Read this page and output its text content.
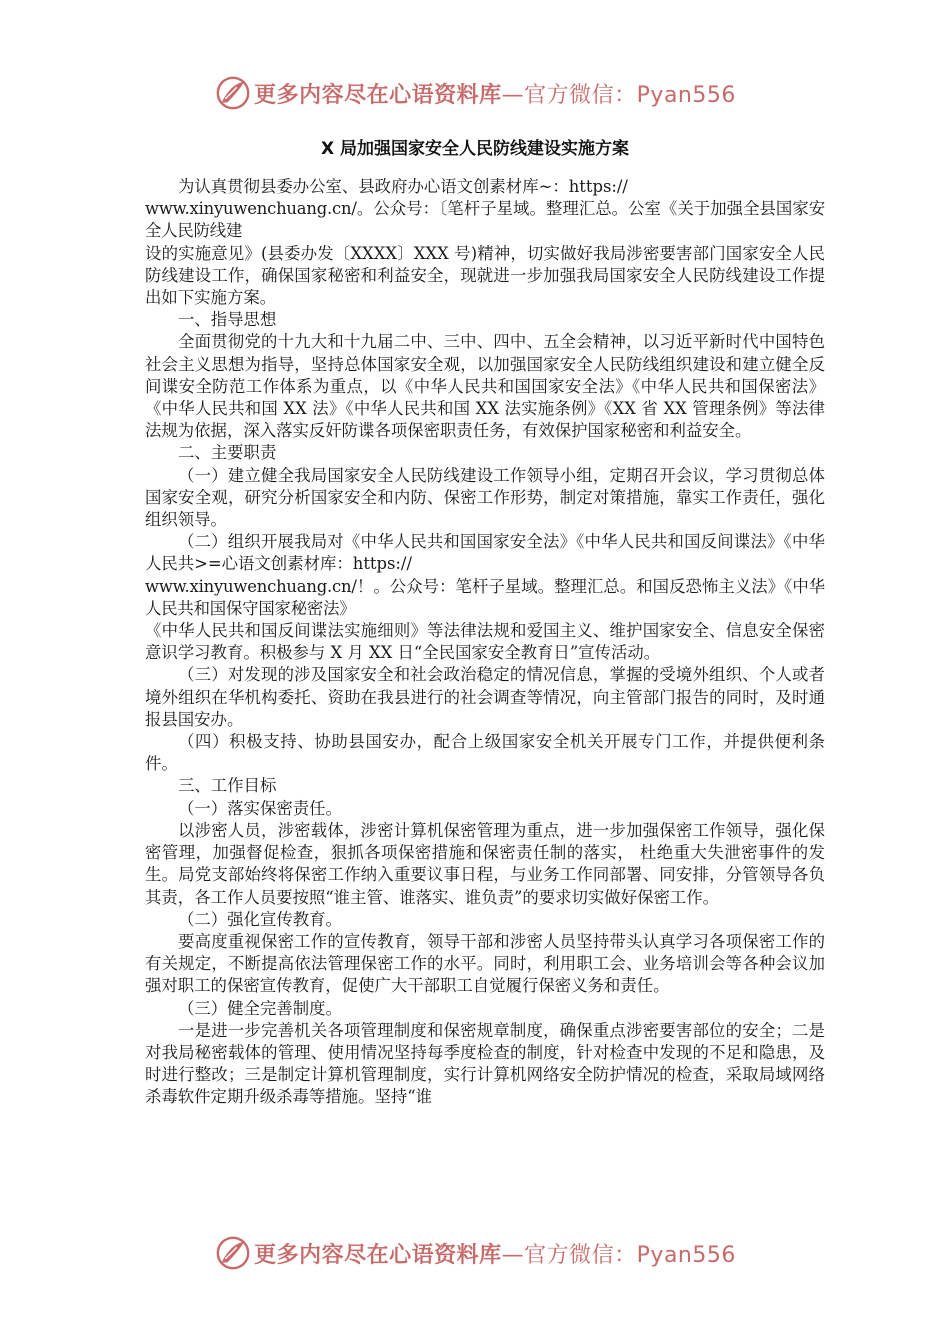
更多内容尽在心语资料库—官方微信：Pyan556
X 局加强国家安全人民防线建设实施方案

为认真贯彻县委办公室、县政府办心语文创素材库~：https://

www.xinyuwenchuang.cn/。公众号：〔笔杆子星域。整理汇总。公室《关于加强全县国家安全人民防线建

设的实施意见》(县委办发〔XXXX〕XXX 号)精神，切实做好我局涉密要害部门国家安全人民防线建设工作，确保国家秘密和利益安全，现就进一步加强我局国家安全人民防线建设工作提出如下实施方案。

一、指导思想

全面贯彻党的十九大和十九届二中、三中、四中、五全会精神，以习近平新时代中国特色社会主义思想为指导，坚持总体国家安全观，以加强国家安全人民防线组织建设和建立健全反间谍安全防范工作体系为重点，以《中华人民共和国国家安全法》《中华人民共和国保密法》《中华人民共和国 XX 法》《中华人民共和国 XX 法实施条例》《XX 省 XX 管理条例》等法律法规为依据，深入落实反奸防谍各项保密职责任务，有效保护国家秘密和利益安全。

二、主要职责

（一）建立健全我局国家安全人民防线建设工作领导小组，定期召开会议，学习贯彻总体国家安全观，研究分析国家安全和内防、保密工作形势，制定对策措施，靠实工作责任，强化组织领导。

（二）组织开展我局对《中华人民共和国国家安全法》《中华人民共和国反间谍法》《中华人民共>=心语文创素材库：https://

www.xinyuwenchuang.cn/！。公众号：笔杆子星域。整理汇总。和国反恐怖主义法》《中华人民共和国保守国家秘密法》

《中华人民共和国反间谍法实施细则》等法律法规和爱国主义、维护国家安全、信息安全保密意识学习教育。积极参与 X 月 XX 日“全民国家安全教育日”宣传活动。

（三）对发现的涉及国家安全和社会政治稳定的情况信息，掌握的受境外组织、个人或者境外组织在华机构委托、资助在我县进行的社会调查等情况，向主管部门报告的同时，及时通报县国安办。

（四）积极支持、协助县国安办，配合上级国家安全机关开展专门工作，并提供便利条件。

三、工作目标

（一）落实保密责任。

以涉密人员，涉密载体，涉密计算机保密管理为重点，进一步加强保密工作领导，强化保密管理，加强督促检查，狠抓各项保密措施和保密责任制的落实， 杜绝重大失泄密事件的发生。局党支部始终将保密工作纳入重要议事日程，与业务工作同部署、同安排，分管领导各负其责，各工作人员要按照“谁主管、谁落实、谁负责”的要求切实做好保密工作。

（二）强化宣传教育。

要高度重视保密工作的宣传教育，领导干部和涉密人员坚持带头认真学习各项保密工作的有关规定，不断提高依法管理保密工作的水平。同时，利用职工会、业务培训会等各种会议加强对职工的保密宣传教育，促使广大干部职工自觉履行保密义务和责任。

（三）健全完善制度。

一是进一步完善机关各项管理制度和保密规章制度，确保重点涉密要害部位的安全；二是对我局秘密载体的管理、使用情况坚持每季度检查的制度，针对检查中发现的不足和隐患，及时进行整改；三是制定计算机管理制度，实行计算机网络安全防护情况的检查，采取局域网络杀毒软件定期升级杀毒等措施。坚持“谁

更多内容尽在心语资料库—官方微信：Pyan556
